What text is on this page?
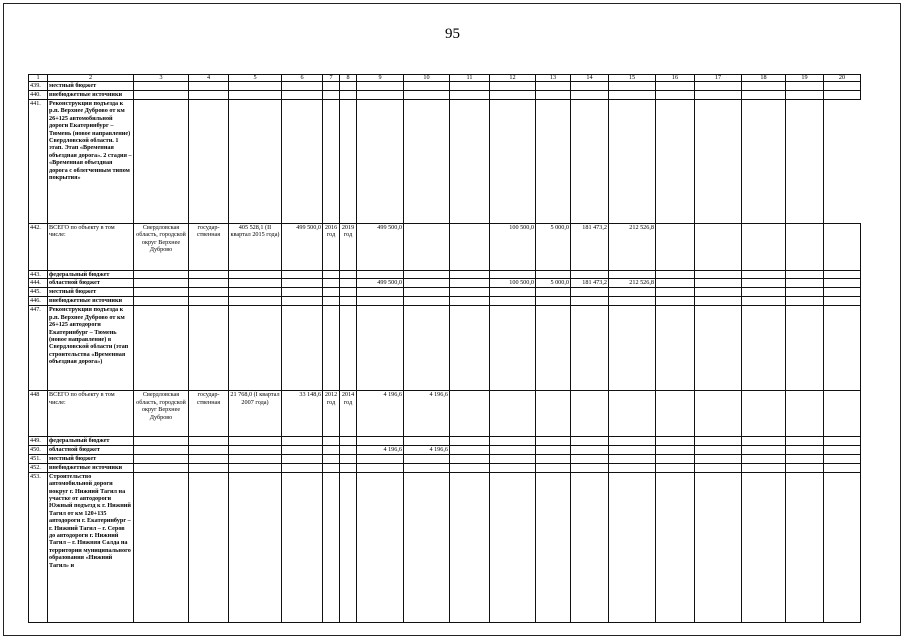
95
1	2	3	4	5	6	7	8	9	10	11	12	13	14	15	16	17	18	19	20
439.	местный бюджет																		
440.	внебюджетные источники																		
441.	Реконструкция подъезда к р.п. Верхнее Дуброво от км 26+125 автомобильной дороги Екатеринбург – Тюмень (новое направление) Свердловской области. 1 этап. Этап «Временная объездная дорога». 2 стадия – «Временная объездная дорога с облегченным типом покрытия»																		
442.	ВСЕГО по объекту в том числе:	Свердловская область, городской округ Верхнее Дуброво	государ-ственная	405 528,1 (II квартал 2015 года)	499 500,0	2016 год	2019 год	499 500,0			100 500,0	5 000,0	181 473,2	212 526,8					
443.	федеральный бюджет																		
444.	областной бюджет							499 500,0			100 500,0	5 000,0	181 473,2	212 526,8					
445.	местный бюджет																		
446.	внебюджетные источники																		
447.	Реконструкция подъезда к р.п. Верхнее Дуброво от км 26+125 автодороги Екатеринбург – Тюмень (новое направление) в Свердловской области (этап строительства «Временная объездная дорога»)																		
448	ВСЕГО по объекту в том числе:	Свердловская область, городской округ Верхнее Дуброво	государ-ственная	21 768,0 (I квартал 2007 года)	33 148,6	2012 год	2014 год	4 196,6	4 196,6										
449.	федеральный бюджет																		
450.	областной бюджет							4 196,6	4 196,6										
451.	местный бюджет																		
452.	внебюджетные источники																		
453.	Строительство автомобильной дороги вокруг г. Нижний Тагил на участке от автодороги Южный подъезд к г. Нижний Тагил от км 120+135 автодороги г. Екатеринбург – г. Нижний Тагил – г. Серов до автодороги г. Нижний Тагил – г. Нижняя Салда на территории муниципального образования «Нижний Тагил» и																		
